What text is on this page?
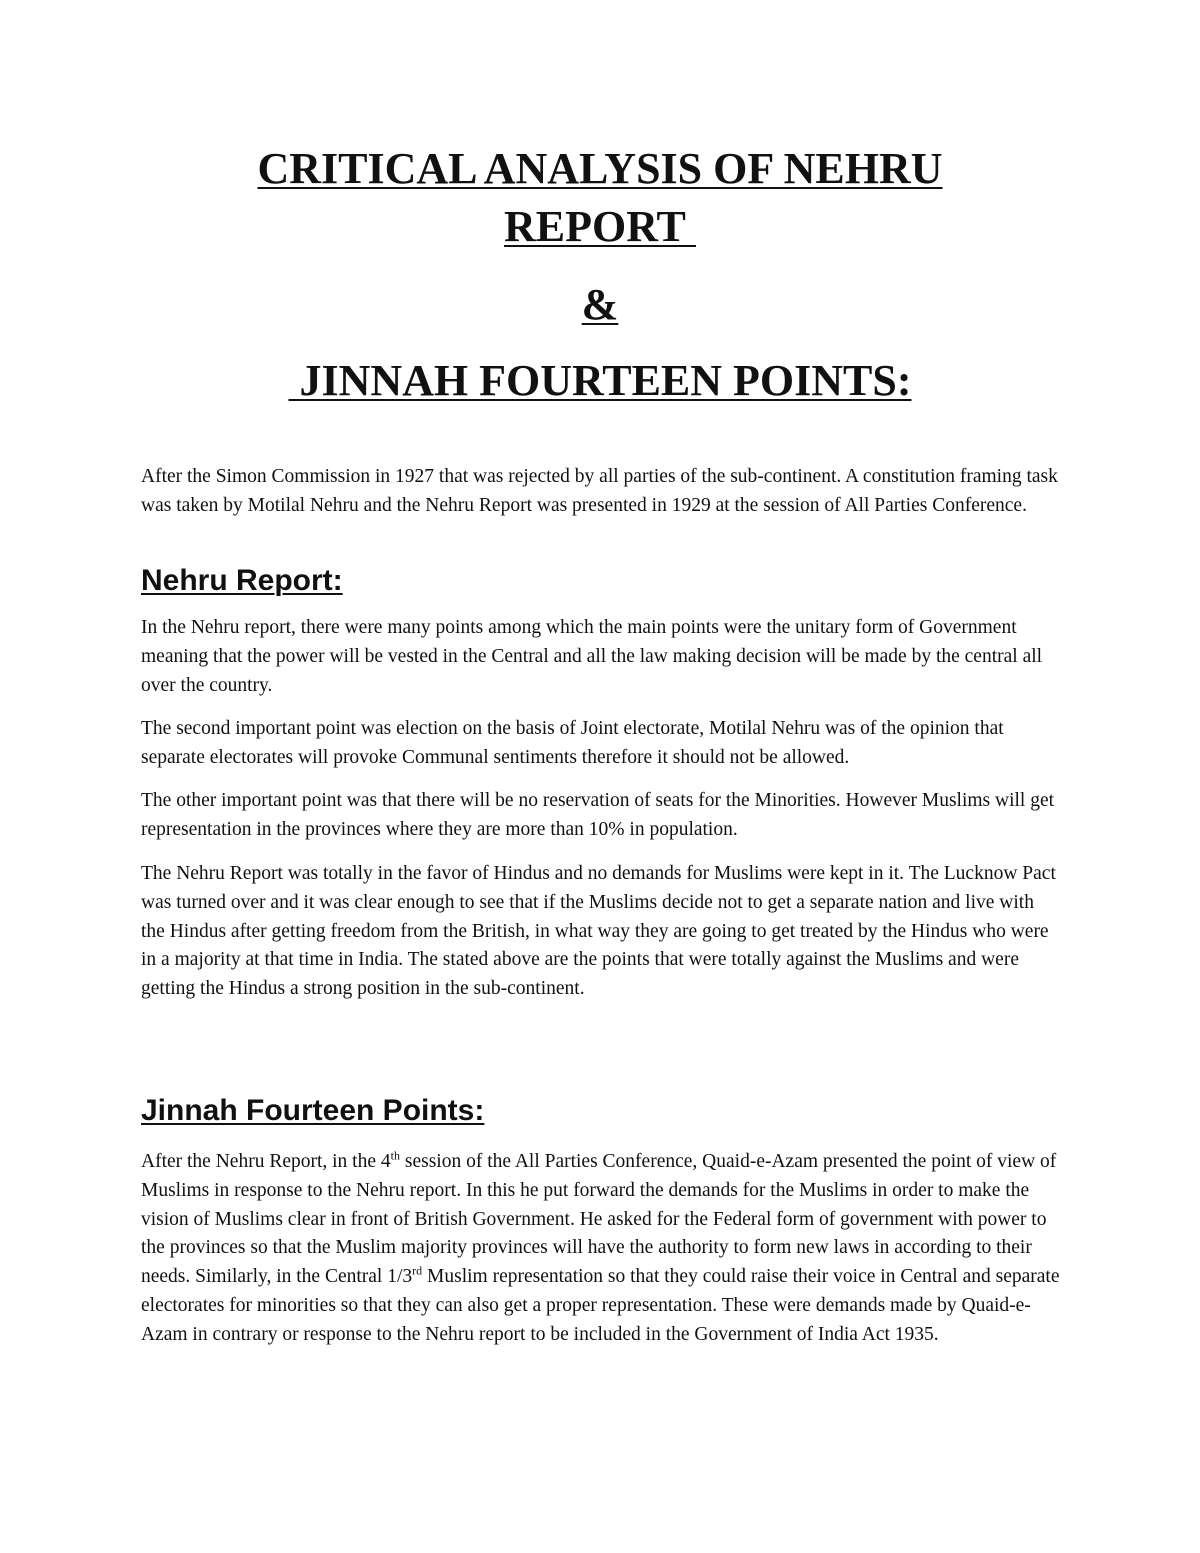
CRITICAL ANALYSIS OF NEHRU
REPORT
&
JINNAH FOURTEEN POINTS:

After the Simon Commission in 1927 that was rejected by all parties of the sub-continent. A constitution framing task was taken by Motilal Nehru and the Nehru Report was presented in 1929 at the session of All Parties Conference.

Nehru Report:

In the Nehru report, there were many points among which the main points were the unitary form of Government meaning that the power will be vested in the Central and all the law making decision will be made by the central all over the country.

The second important point was election on the basis of Joint electorate, Motilal Nehru was of the opinion that separate electorates will provoke Communal sentiments therefore it should not be allowed.

The other important point was that there will be no reservation of seats for the Minorities. However Muslims will get representation in the provinces where they are more than 10% in population.

The Nehru Report was totally in the favor of Hindus and no demands for Muslims were kept in it. The Lucknow Pact was turned over and it was clear enough to see that if the Muslims decide not to get a separate nation and live with the Hindus after getting freedom from the British, in what way they are going to get treated by the Hindus who were in a majority at that time in India. The stated above are the points that were totally against the Muslims and were getting the Hindus a strong position in the sub-continent.

Jinnah Fourteen Points:

After the Nehru Report, in the 4th session of the All Parties Conference, Quaid-e-Azam presented the point of view of Muslims in response to the Nehru report. In this he put forward the demands for the Muslims in order to make the vision of Muslims clear in front of British Government. He asked for the Federal form of government with power to the provinces so that the Muslim majority provinces will have the authority to form new laws in according to their needs. Similarly, in the Central 1/3rd Muslim representation so that they could raise their voice in Central and separate electorates for minorities so that they can also get a proper representation. These were demands made by Quaid-e-Azam in contrary or response to the Nehru report to be included in the Government of India Act 1935.
